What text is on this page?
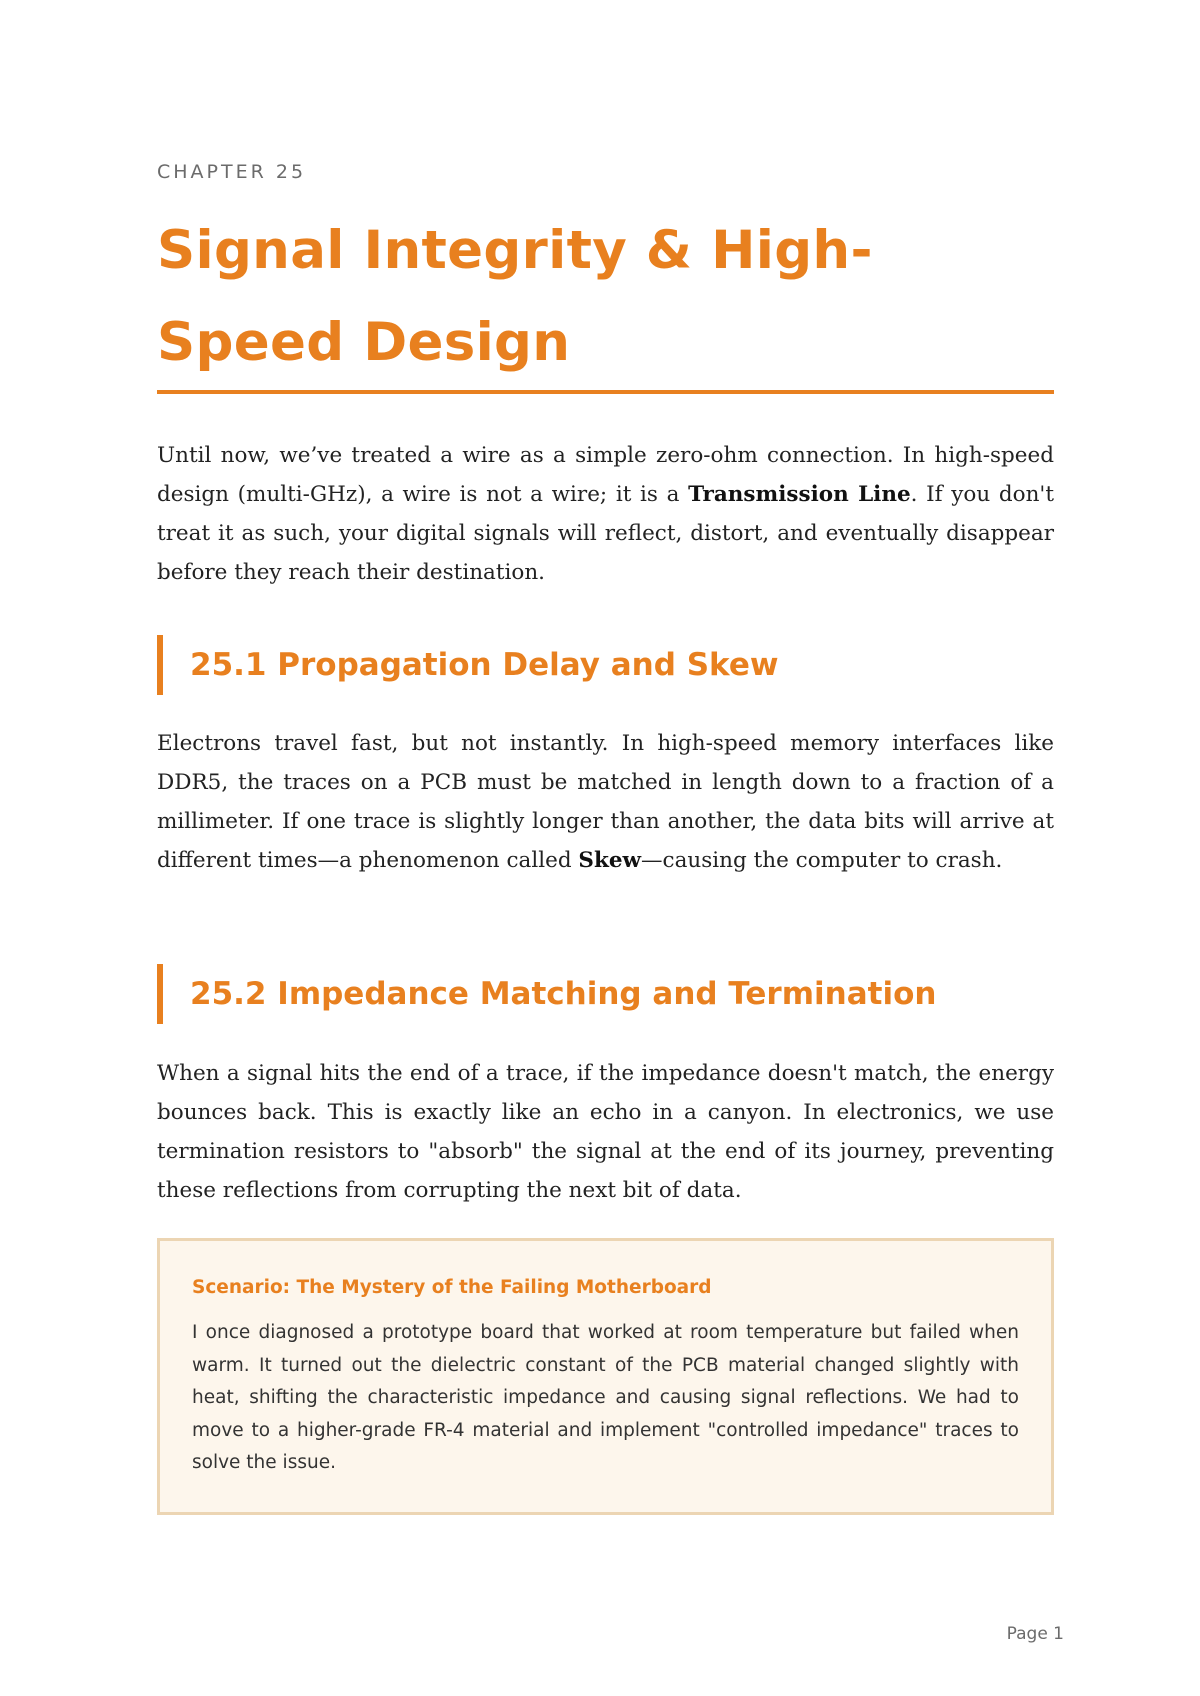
CHAPTER 25
Signal Integrity & High-Speed Design

Until now, we’ve treated a wire as a simple zero-ohm connection. In high-speed design (multi-GHz), a wire is not a wire; it is a Transmission Line. If you don't treat it as such, your digital signals will reflect, distort, and eventually disappear before they reach their destination.

25.1 Propagation Delay and Skew

Electrons travel fast, but not instantly. In high-speed memory interfaces like DDR5, the traces on a PCB must be matched in length down to a fraction of a millimeter. If one trace is slightly longer than another, the data bits will arrive at different times—a phenomenon called Skew—causing the computer to crash.

25.2 Impedance Matching and Termination

When a signal hits the end of a trace, if the impedance doesn't match, the energy bounces back. This is exactly like an echo in a canyon. In electronics, we use termination resistors to "absorb" the signal at the end of its journey, preventing these reflections from corrupting the next bit of data.

Scenario: The Mystery of the Failing Motherboard

I once diagnosed a prototype board that worked at room temperature but failed when warm. It turned out the dielectric constant of the PCB material changed slightly with heat, shifting the characteristic impedance and causing signal reflections. We had to move to a higher-grade FR-4 material and implement "controlled impedance" traces to solve the issue.

Page 1
